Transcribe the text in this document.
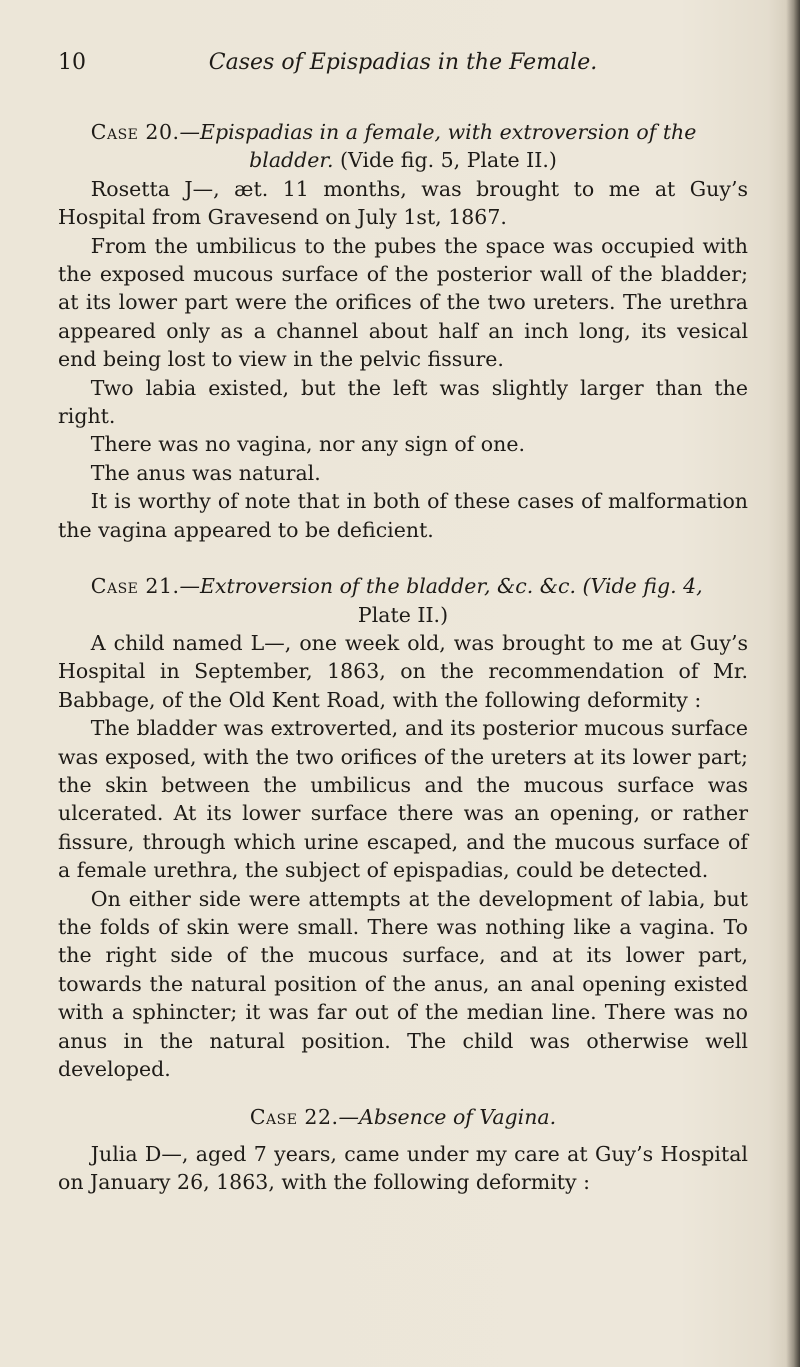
10	Cases of Epispadias in the Female.

Case 20.—Epispadias in a female, with extroversion of the

bladder. (Vide fig. 5, Plate II.)

Rosetta J—, æt. 11 months, was brought to me at Guy’s Hospital from Gravesend on July 1st, 1867.

From the umbilicus to the pubes the space was occupied with the exposed mucous surface of the posterior wall of the bladder; at its lower part were the orifices of the two ureters. The urethra appeared only as a channel about half an inch long, its vesical end being lost to view in the pelvic fissure.

Two labia existed, but the left was slightly larger than the right.

There was no vagina, nor any sign of one.

The anus was natural.

It is worthy of note that in both of these cases of malformation the vagina appeared to be deficient.

Case 21.—Extroversion of the bladder, &c. &c. (Vide fig. 4,

Plate II.)

A child named L—, one week old, was brought to me at Guy’s Hospital in September, 1863, on the recommendation of Mr. Babbage, of the Old Kent Road, with the following deformity :

The bladder was extroverted, and its posterior mucous surface was exposed, with the two orifices of the ureters at its lower part; the skin between the umbilicus and the mucous surface was ulcerated. At its lower surface there was an opening, or rather fissure, through which urine escaped, and the mucous surface of a female urethra, the subject of epispadias, could be detected.

On either side were attempts at the development of labia, but the folds of skin were small. There was nothing like a vagina. To the right side of the mucous surface, and at its lower part, towards the natural position of the anus, an anal opening existed with a sphincter; it was far out of the median line. There was no anus in the natural position. The child was otherwise well developed.

Case 22.—Absence of Vagina.

Julia D—, aged 7 years, came under my care at Guy’s Hospital on January 26, 1863, with the following deformity :
